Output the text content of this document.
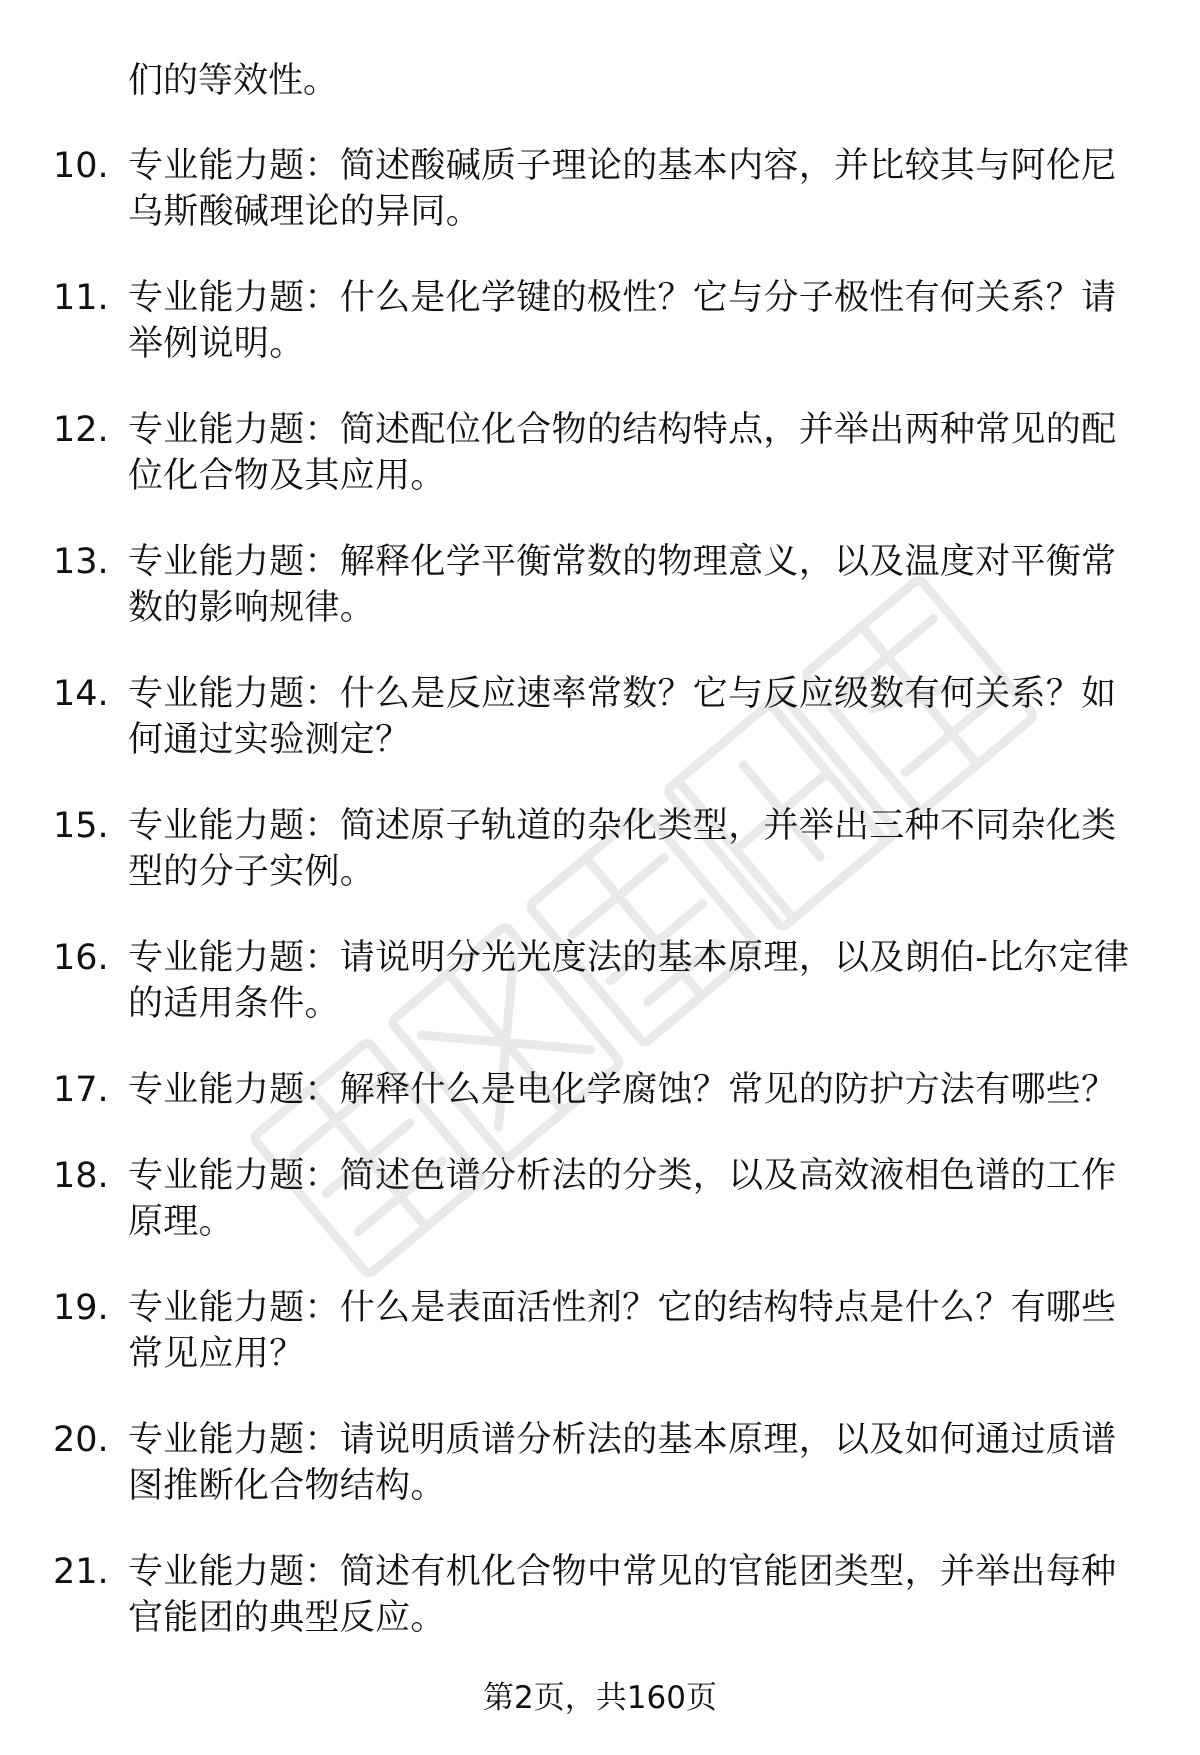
们的等效性。
10. 专业能力题：简述酸碱质子理论的基本内容，并比较其与阿伦尼乌斯酸碱理论的异同。
11. 专业能力题：什么是化学键的极性？它与分子极性有何关系？请举例说明。
12. 专业能力题：简述配位化合物的结构特点，并举出两种常见的配位化合物及其应用。
13. 专业能力题：解释化学平衡常数的物理意义，以及温度对平衡常数的影响规律。
14. 专业能力题：什么是反应速率常数？它与反应级数有何关系？如何通过实验测定？
15. 专业能力题：简述原子轨道的杂化类型，并举出三种不同杂化类型的分子实例。
16. 专业能力题：请说明分光光度法的基本原理，以及朗伯-比尔定律的适用条件。
17. 专业能力题：解释什么是电化学腐蚀？常见的防护方法有哪些？
18. 专业能力题：简述色谱分析法的分类，以及高效液相色谱的工作原理。
19. 专业能力题：什么是表面活性剂？它的结构特点是什么？有哪些常见应用？
20. 专业能力题：请说明质谱分析法的基本原理，以及如何通过质谱图推断化合物结构。
21. 专业能力题：简述有机化合物中常见的官能团类型，并举出每种官能团的典型反应。
第2页，共160页
